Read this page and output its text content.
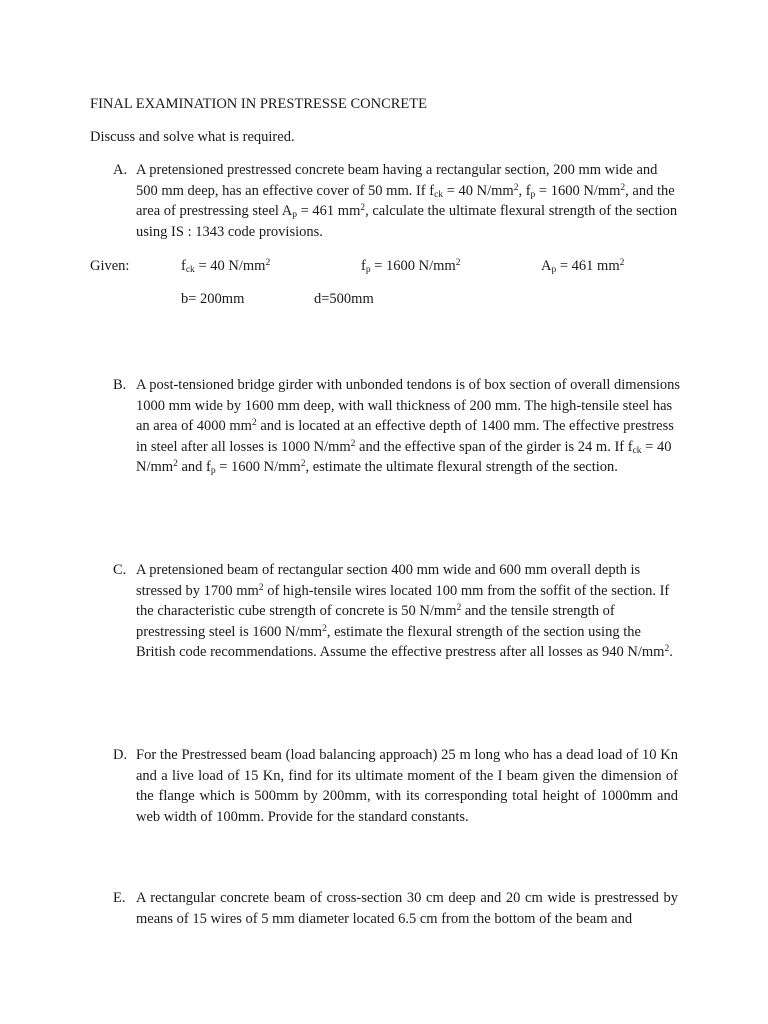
FINAL EXAMINATION IN PRESTRESSE CONCRETE
Discuss and solve what is required.
A. A pretensioned prestressed concrete beam having a rectangular section, 200 mm wide and 500 mm deep, has an effective cover of 50 mm. If $f_{ck} = 40$ $N/mm^2$, $f_p = 1600$ $N/mm^2$, and the area of prestressing steel $A_p = 461$ $mm^2$, calculate the ultimate flexural strength of the section using IS : 1343 code provisions.
Given:	$f_{ck} = 40$ $N/mm^2$	$f_p = 1600$ $N/mm^2$	$A_p = 461$ $mm^2$
b= 200mm	d=500mm
B. A post-tensioned bridge girder with unbonded tendons is of box section of overall dimensions 1000 mm wide by 1600 mm deep, with wall thickness of 200 mm. The high-tensile steel has an area of 4000 $mm^2$ and is located at an effective depth of 1400 mm. The effective prestress in steel after all losses is 1000 $N/mm^2$ and the effective span of the girder is 24 m. If $f_{ck} = 40$ $N/mm^2$ and $f_p = 1600$ $N/mm^2$, estimate the ultimate flexural strength of the section.
C. A pretensioned beam of rectangular section 400 mm wide and 600 mm overall depth is stressed by 1700 $mm^2$ of high-tensile wires located 100 mm from the soffit of the section. If the characteristic cube strength of concrete is 50 $N/mm^2$ and the tensile strength of prestressing steel is 1600 $N/mm^2$, estimate the flexural strength of the section using the British code recommendations. Assume the effective prestress after all losses as 940 $N/mm^2$.
D. For the Prestressed beam (load balancing approach) 25 m long who has a dead load of 10 Kn and a live load of 15 Kn, find for its ultimate moment of the I beam given the dimension of the flange which is 500mm by 200mm, with its corresponding total height of 1000mm and web width of 100mm. Provide for the standard constants.
E. A rectangular concrete beam of cross-section 30 cm deep and 20 cm wide is prestressed by means of 15 wires of 5 mm diameter located 6.5 cm from the bottom of the beam and
